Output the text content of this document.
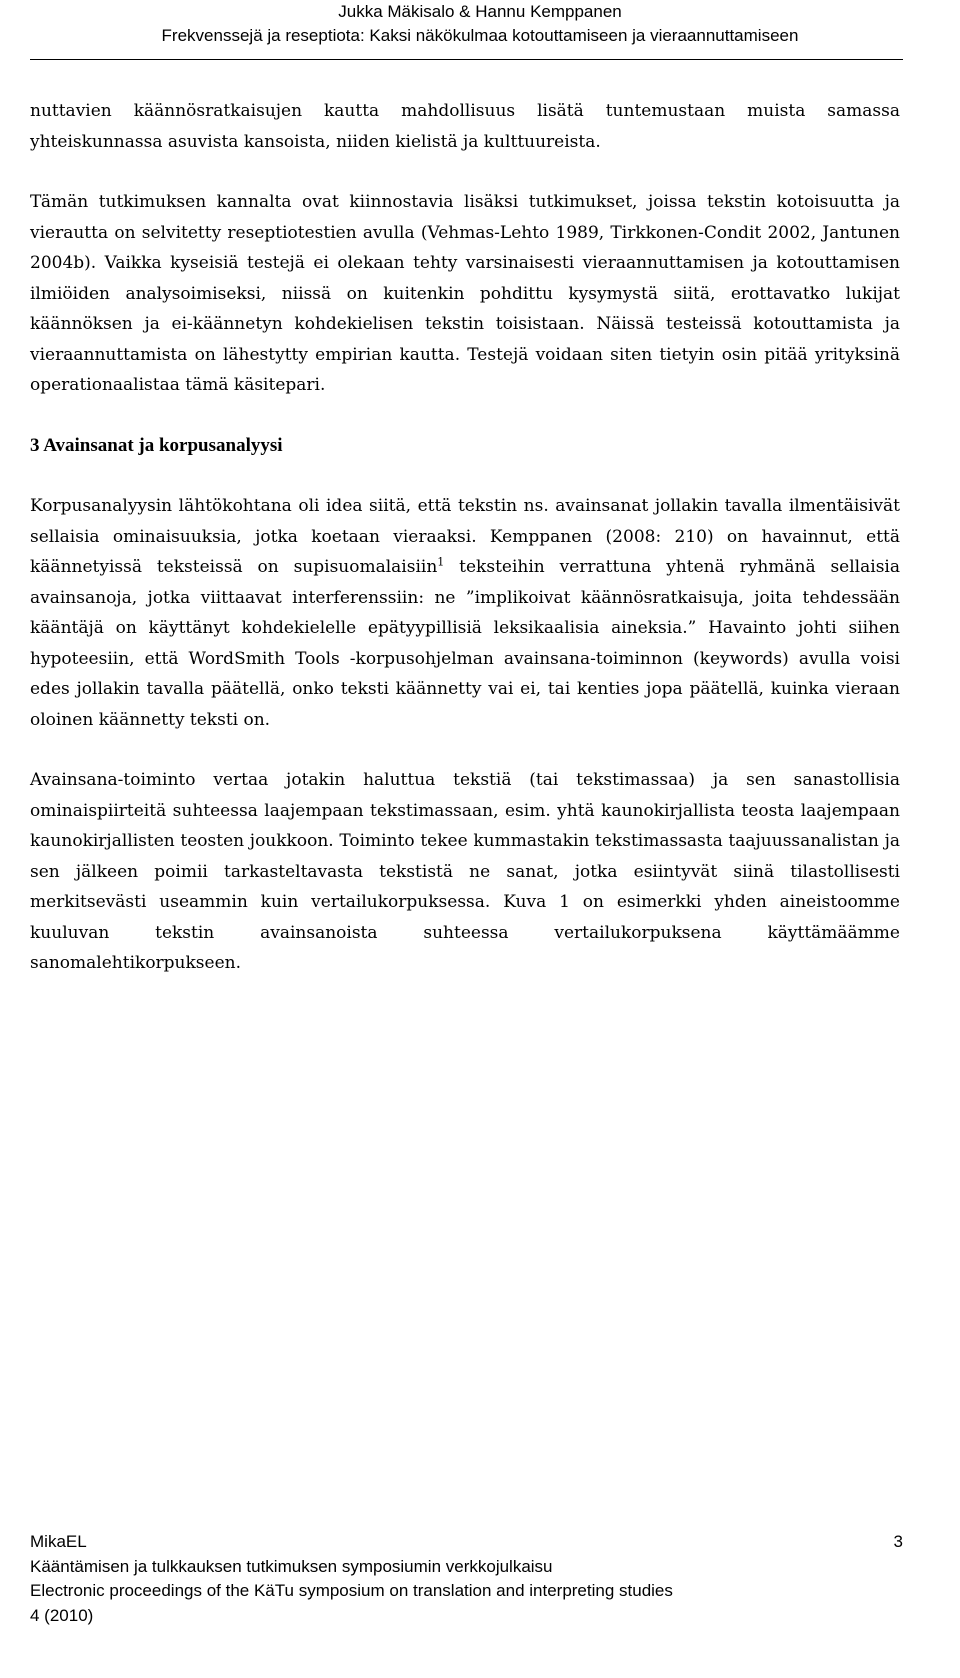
Jukka Mäkisalo & Hannu Kemppanen
Frekvenssejä ja reseptiota: Kaksi näkökulmaa kotouttamiseen ja vieraannuttamiseen

nuttavien käännösratkaisujen kautta mahdollisuus lisätä tuntemustaan muista samassa yhteiskunnassa asuvista kansoista, niiden kielistä ja kulttuureista.

Tämän tutkimuksen kannalta ovat kiinnostavia lisäksi tutkimukset, joissa tekstin kotoisuutta ja vierautta on selvitetty reseptiotestien avulla (Vehmas-Lehto 1989, Tirkkonen-Condit 2002, Jantunen 2004b). Vaikka kyseisiä testejä ei olekaan tehty varsinaisesti vieraannuttamisen ja kotouttamisen ilmiöiden analysoimiseksi, niissä on kuitenkin pohdittu kysymystä siitä, erottavatko lukijat käännöksen ja ei-käännetyn kohdekielisen tekstin toisistaan. Näissä testeissä kotouttamista ja vieraannuttamista on lähestytty empirian kautta. Testejä voidaan siten tietyin osin pitää yrityksinä operationaalistaa tämä käsitepari.

3 Avainsanat ja korpusanalyysi

Korpusanalyysin lähtökohtana oli idea siitä, että tekstin ns. avainsanat jollakin tavalla ilmentäisivät sellaisia ominaisuuksia, jotka koetaan vieraaksi. Kemppanen (2008: 210) on havainnut, että käännetyissä teksteissä on supisuomalaisiin$^1$ teksteihin verrattuna yhtenä ryhmänä sellaisia avainsanoja, jotka viittaavat interferenssiin: ne ”implikoivat käännösratkaisuja, joita tehdessään kääntäjä on käyttänyt kohdekielelle epätyypillisiä leksikaalisia aineksia.” Havainto johti siihen hypoteesiin, että WordSmith Tools -korpusohjelman avainsana-toiminnon (keywords) avulla voisi edes jollakin tavalla päätellä, onko teksti käännetty vai ei, tai kenties jopa päätellä, kuinka vieraan oloinen käännetty teksti on.

Avainsana-toiminto vertaa jotakin haluttua tekstiä (tai tekstimassaa) ja sen sanastollisia ominaispiirteitä suhteessa laajempaan tekstimassaan, esim. yhtä kaunokirjallista teosta laajempaan kaunokirjallisten teosten joukkoon. Toiminto tekee kummastakin tekstimassasta taajuussanalistan ja sen jälkeen poimii tarkasteltavasta tekstistä ne sanat, jotka esiintyvät siinä tilastollisesti merkitsevästi useammin kuin vertailukorpuksessa. Kuva 1 on esimerkki yhden aineistoomme kuuluvan tekstin avainsanoista suhteessa vertailukorpuksena käyttämäämme sanomalehtikorpukseen.

MikaEL	3
Kääntämisen ja tulkkauksen tutkimuksen symposiumin verkkojulkaisu
Electronic proceedings of the KäTu symposium on translation and interpreting studies
4 (2010)
